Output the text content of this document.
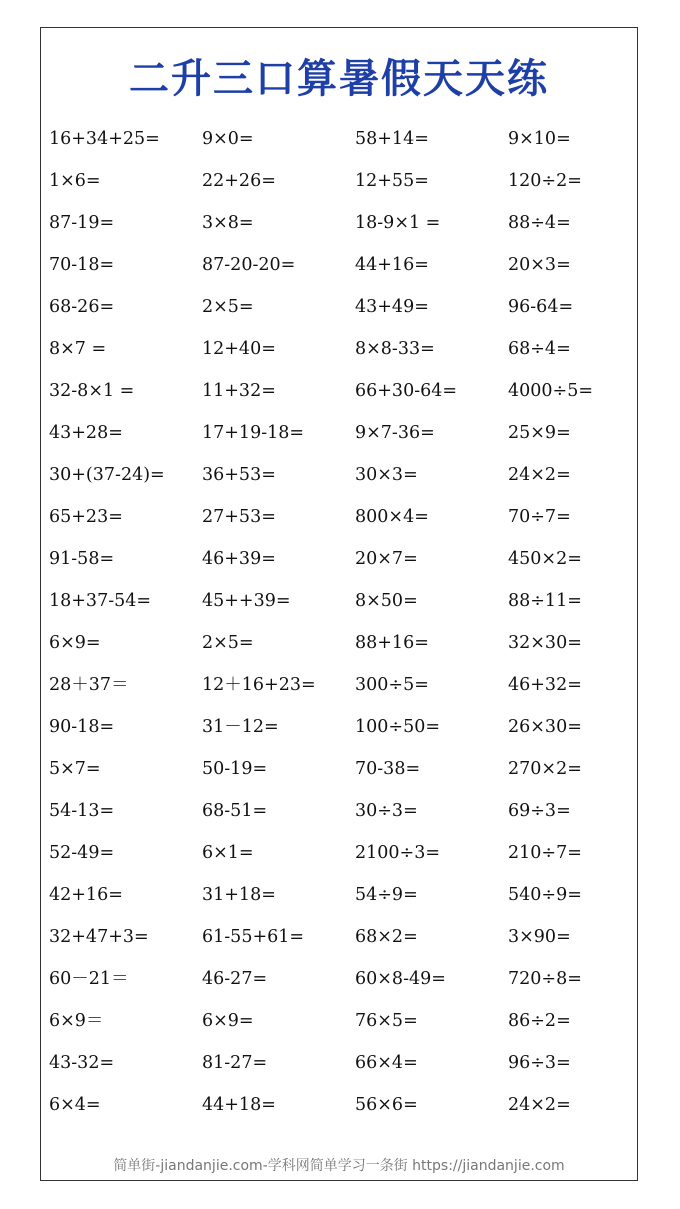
二升三口算暑假天天练
16+34+25=	9×0=	58+14=	9×10=
1×6=	22+26=	12+55=	120÷2=
87-19=	3×8=	18-9×1 =	88÷4=
70-18=	87-20-20=	44+16=	20×3=
68-26=	2×5=	43+49=	96-64=
8×7 =	12+40=	8×8-33=	68÷4=
32-8×1 =	11+32=	66+30-64=	4000÷5=
43+28=	17+19-18=	9×7-36=	25×9=
30+(37-24)=	36+53=	30×3=	24×2=
65+23=	27+53=	800×4=	70÷7=
91-58=	46+39=	20×7=	450×2=
18+37-54=	45++39=	8×50=	88÷11=
6×9=	2×5=	88+16=	32×30=
28＋37＝	12＋16+23=	300÷5=	46+32=
90-18=	31－12=	100÷50=	26×30=
5×7=	50-19=	70-38=	270×2=
54-13=	68-51=	30÷3=	69÷3=
52-49=	6×1=	2100÷3=	210÷7=
42+16=	31+18=	54÷9=	540÷9=
32+47+3=	61-55+61=	68×2=	3×90=
60－21＝	46-27=	60×8-49=	720÷8=
6×9＝	6×9=	76×5=	86÷2=
43-32=	81-27=	66×4=	96÷3=
6×4=	44+18=	56×6=	24×2=
简单街-jiandanjie.com-学科网简单学习一条街 https://jiandanjie.com
